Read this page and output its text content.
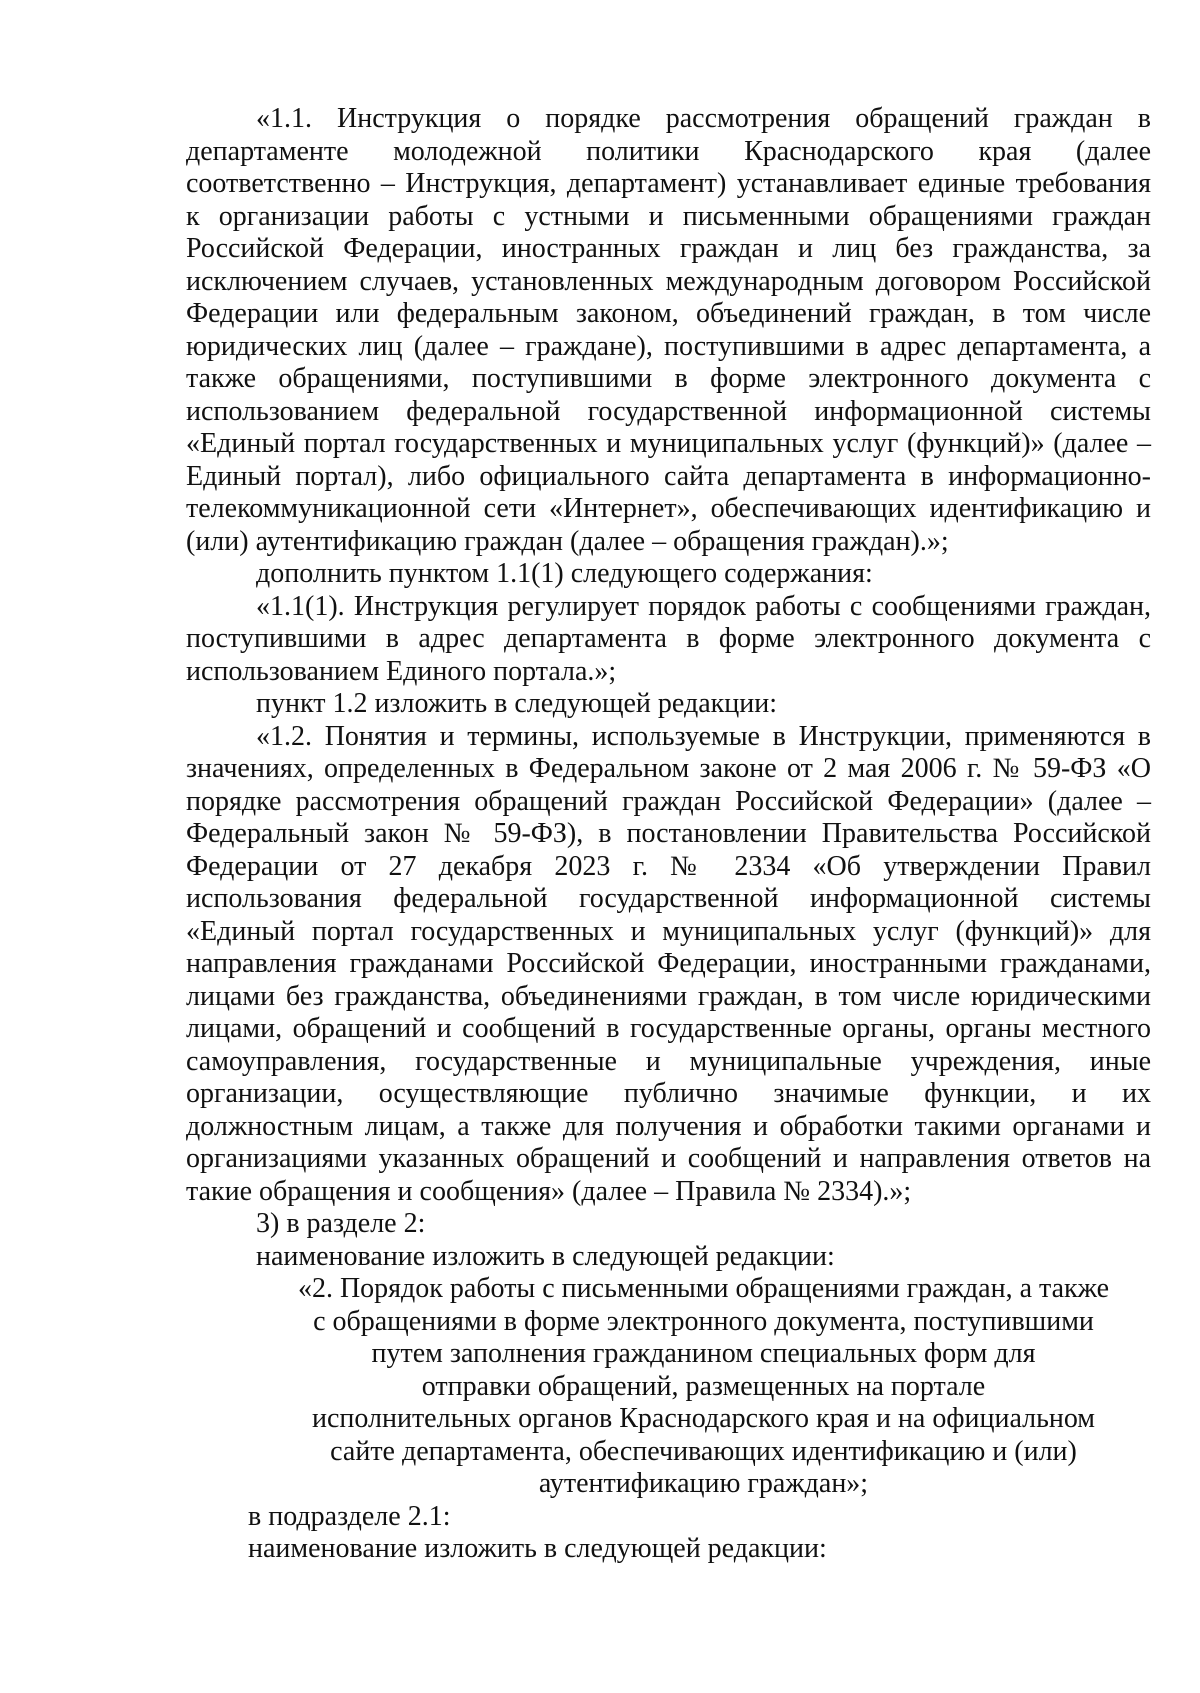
«1.1. Инструкция о порядке рассмотрения обращений граждан в департаменте молодежной политики Краснодарского края (далее соответственно – Инструкция, департамент) устанавливает единые требования к организации работы с устными и письменными обращениями граждан Российской Федерации, иностранных граждан и лиц без гражданства, за исключением случаев, установленных международным договором Российской Федерации или федеральным законом, объединений граждан, в том числе юридических лиц (далее – граждане), поступившими в адрес департамента, а также обращениями, поступившими в форме электронного документа с использованием федеральной государственной информационной системы «Единый портал государственных и муниципальных услуг (функций)» (далее – Единый портал), либо официального сайта департамента в информационно-телекоммуникационной сети «Интернет», обеспечивающих идентификацию и (или) аутентификацию граждан (далее – обращения граждан).»;

дополнить пунктом 1.1(1) следующего содержания:

«1.1(1). Инструкция регулирует порядок работы с сообщениями граждан, поступившими в адрес департамента в форме электронного документа с использованием Единого портала.»;

пункт 1.2 изложить в следующей редакции:

«1.2. Понятия и термины, используемые в Инструкции, применяются в значениях, определенных в Федеральном законе от 2 мая 2006 г. № 59-ФЗ «О порядке рассмотрения обращений граждан Российской Федерации» (далее – Федеральный закон № 59-ФЗ), в постановлении Правительства Российской Федерации от 27 декабря 2023 г. № 2334 «Об утверждении Правил использования федеральной государственной информационной системы «Единый портал государственных и муниципальных услуг (функций)» для направления гражданами Российской Федерации, иностранными гражданами, лицами без гражданства, объединениями граждан, в том числе юридическими лицами, обращений и сообщений в государственные органы, органы местного самоуправления, государственные и муниципальные учреждения, иные организации, осуществляющие публично значимые функции, и их должностным лицам, а также для получения и обработки такими органами и организациями указанных обращений и сообщений и направления ответов на такие обращения и сообщения» (далее – Правила № 2334).»;

3) в разделе 2:

наименование изложить в следующей редакции:

«2. Порядок работы с письменными обращениями граждан, а также
с обращениями в форме электронного документа, поступившими
путем заполнения гражданином специальных форм для
отправки обращений, размещенных на портале
исполнительных органов Краснодарского края и на официальном
сайте департамента, обеспечивающих идентификацию и (или)
аутентификацию граждан»;

в подразделе 2.1:

наименование изложить в следующей редакции:
